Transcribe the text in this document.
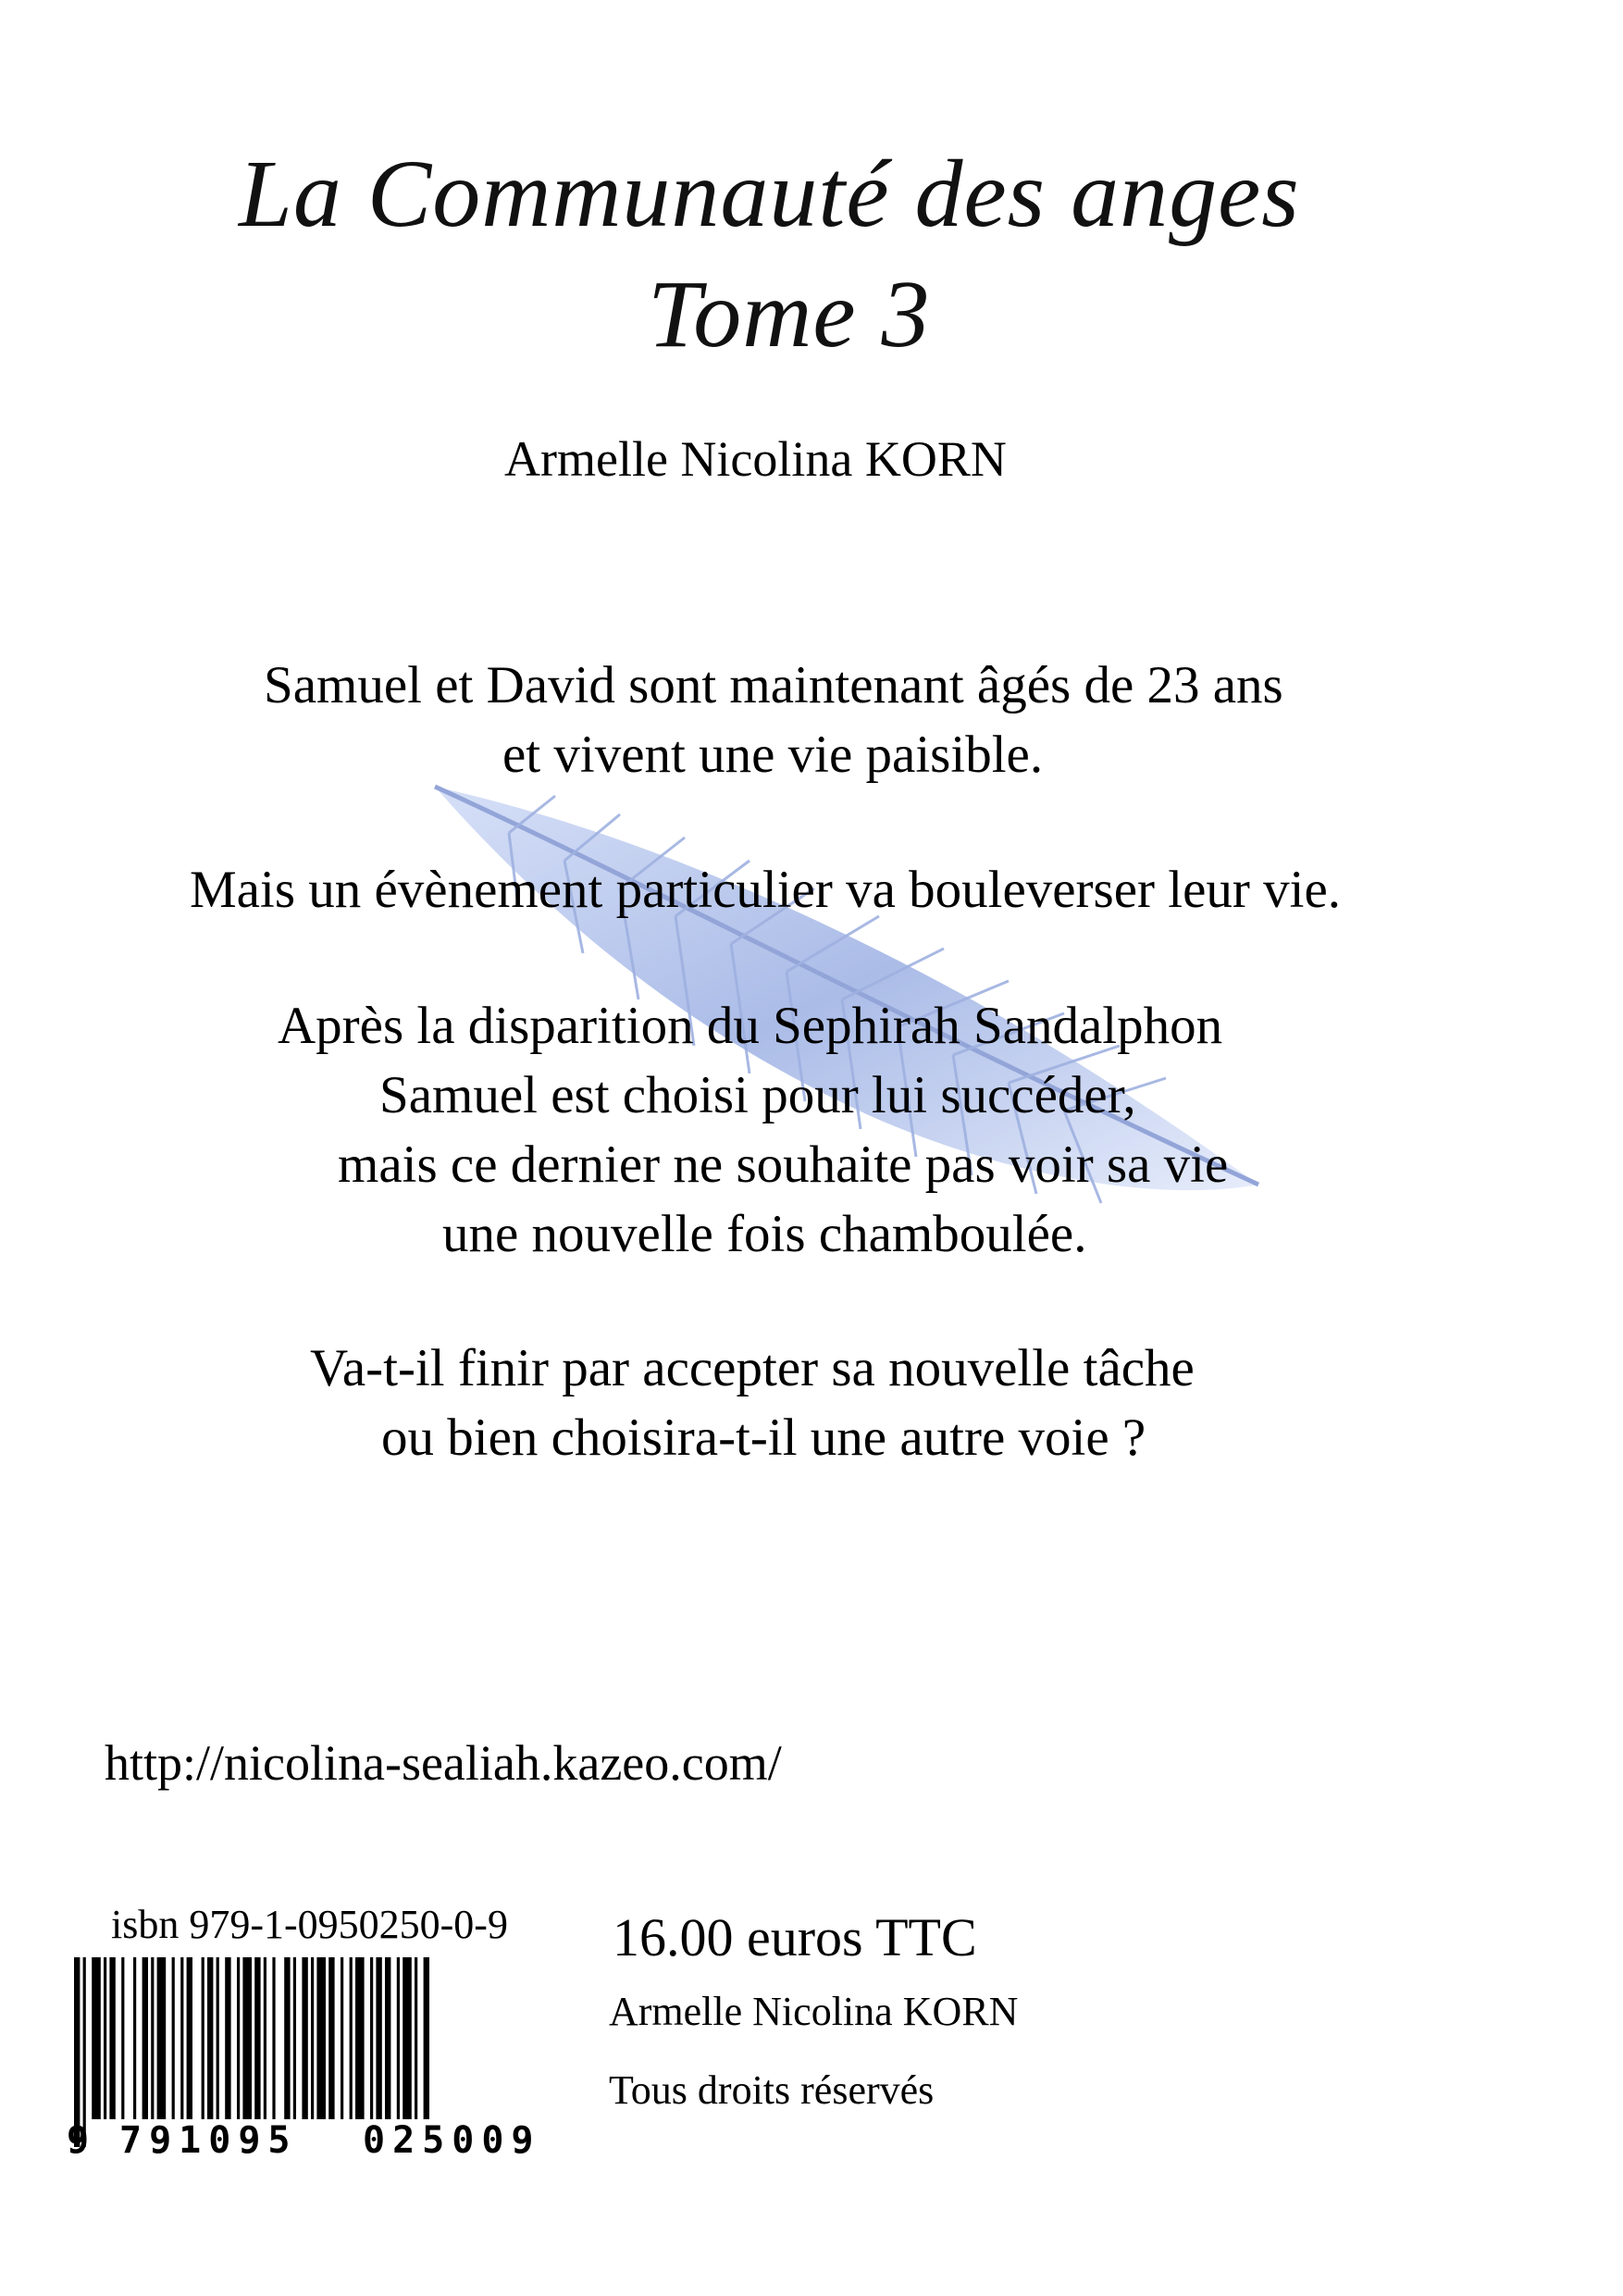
La Communauté des anges
Tome 3
Armelle Nicolina KORN
Samuel et David sont maintenant âgés de 23 ans
et vivent une vie paisible.
Mais un évènement particulier va bouleverser leur vie.
Après la disparition du Sephirah Sandalphon
Samuel est choisi pour lui succéder,
mais ce dernier ne souhaite pas voir sa vie
une nouvelle fois chamboulée.
Va-t-il finir par accepter sa nouvelle tâche
ou bien choisira-t-il une autre voie ?
http://nicolina-sealiah.kazeo.com/
isbn 979-1-0950250-0-9 16.00 euros TTC
Armelle Nicolina KORN
Tous droits réservés
9 791095 025009
